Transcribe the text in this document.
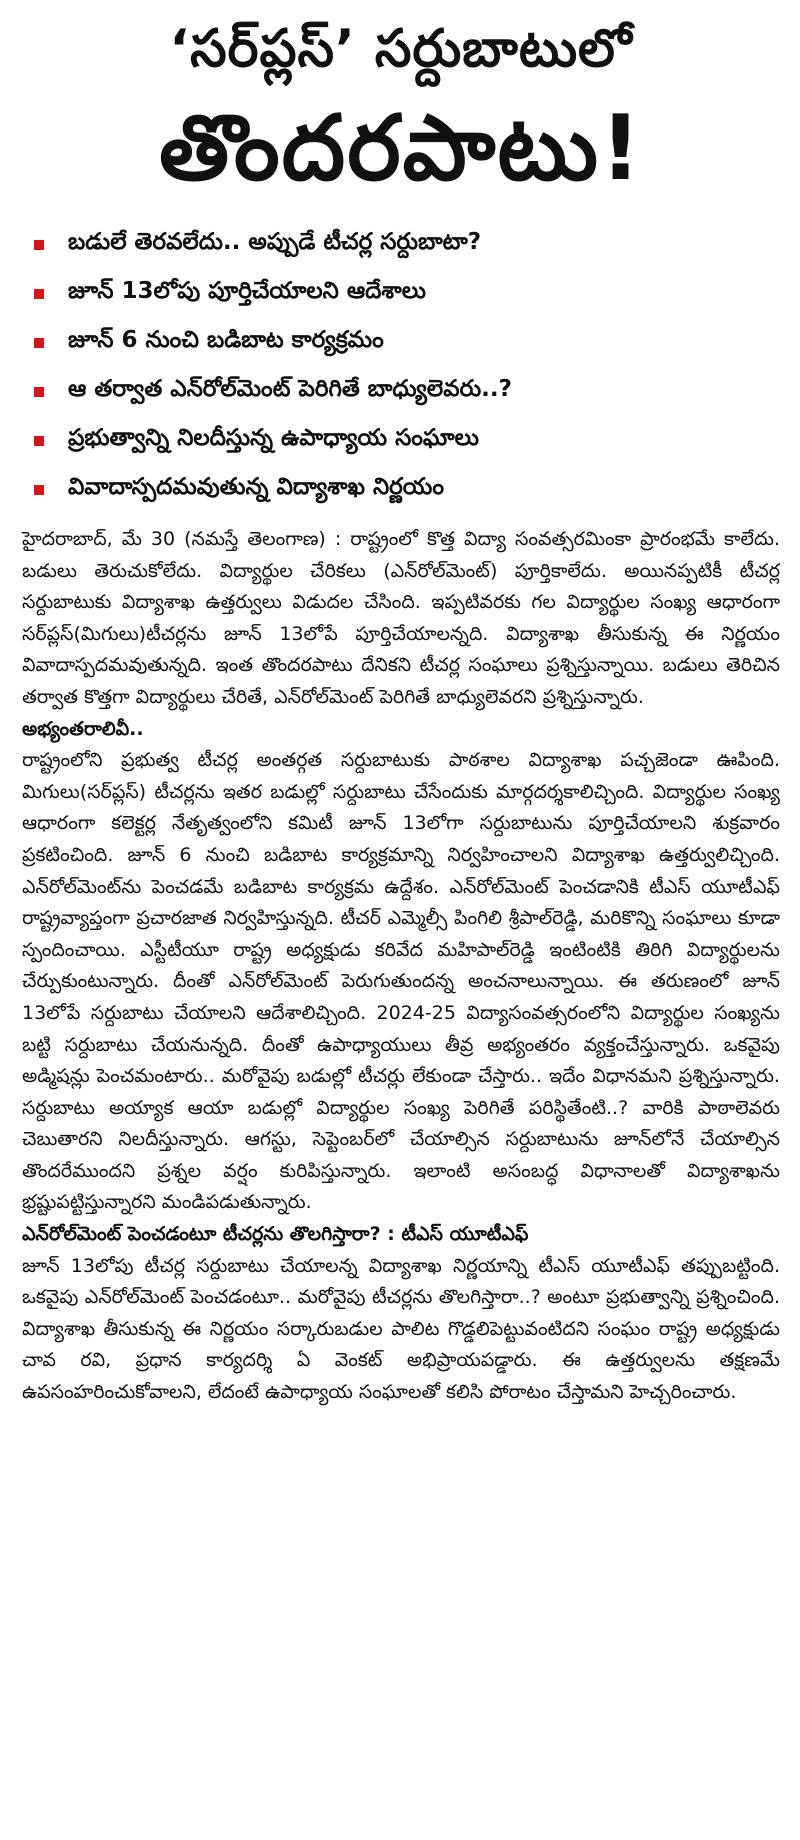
‘సర్‌ప్లస్’ సర్దుబాటులో
తొందరపాటు!
బడులే తెరవలేదు.. అప్పుడే టీచర్ల సర్దుబాటా?
జూన్ 13లోపు పూర్తిచేయాలని ఆదేశాలు
జూన్ 6 నుంచి బడిబాట కార్యక్రమం
ఆ తర్వాత ఎన్‌రోల్‌మెంట్ పెరిగితే బాధ్యులెవరు..?
ప్రభుత్వాన్ని నిలదీస్తున్న ఉపాధ్యాయ సంఘాలు
వివాదాస్పదమవుతున్న విద్యాశాఖ నిర్ణయం

హైదరాబాద్, మే 30 (నమస్తే తెలంగాణ) : రాష్ట్రంలో కొత్త విద్యా సంవత్సరమింకా ప్రారంభమే కాలేదు. బడులు తెరుచుకోలేదు. విద్యార్థుల చేరికలు (ఎన్‌రోల్‌మెంట్) పూర్తికాలేదు. అయినప్పటికీ టీచర్ల సర్దుబాటుకు విద్యాశాఖ ఉత్తర్వులు విడుదల చేసింది. ఇప్పటివరకు గల విద్యార్థుల సంఖ్య ఆధారంగా సర్‌ప్లస్(మిగులు)టీచర్లను జూన్ 13లోపే పూర్తిచేయాలన్నది. విద్యాశాఖ తీసుకున్న ఈ నిర్ణయం వివాదాస్పదమవుతున్నది. ఇంత తొందరపాటు దేనికని టీచర్ల సంఘాలు ప్రశ్నిస్తున్నాయి. బడులు తెరిచిన తర్వాత కొత్తగా విద్యార్థులు చేరితే, ఎన్‌రోల్‌మెంట్ పెరిగితే బాధ్యులెవరని ప్రశ్నిస్తున్నారు.

అభ్యంతరాలివీ..

రాష్ట్రంలోని ప్రభుత్వ టీచర్ల అంతర్గత సర్దుబాటుకు పాఠశాల విద్యాశాఖ పచ్చజెండా ఊపింది. మిగులు(సర్‌ప్లస్) టీచర్లను ఇతర బడుల్లో సర్దుబాటు చేసేందుకు మార్గదర్శకాలిచ్చింది. విద్యార్థుల సంఖ్య ఆధారంగా కలెక్టర్ల నేతృత్వంలోని కమిటీ జూన్ 13లోగా సర్దుబాటును పూర్తిచేయాలని శుక్రవారం ప్రకటించింది. జూన్ 6 నుంచి బడిబాట కార్యక్రమాన్ని నిర్వహించాలని విద్యాశాఖ ఉత్తర్వులిచ్చింది. ఎన్‌రోల్‌మెంట్‌ను పెంచడమే బడిబాట కార్యక్రమ ఉద్దేశం. ఎన్‌రోల్‌మెంట్ పెంచడానికి టీఎస్ యూటీఎఫ్ రాష్ట్రవ్యాప్తంగా ప్రచారజాత నిర్వహిస్తున్నది. టీచర్ ఎమ్మెల్సీ పింగిలి శ్రీపాల్‌రెడ్డి, మరికొన్ని సంఘాలు కూడా స్పందించాయి. ఎస్టీటీయూ రాష్ట్ర అధ్యక్షుడు కరివేద మహిపాల్‌రెడ్డి ఇంటింటికి తిరిగి విద్యార్థులను చేర్పుకుంటున్నారు. దీంతో ఎన్‌రోల్‌మెంట్ పెరుగుతుందన్న అంచనాలున్నాయి. ఈ తరుణంలో జూన్ 13లోపే సర్దుబాటు చేయాలని ఆదేశాలిచ్చింది. 2024-25 విద్యాసంవత్సరంలోని విద్యార్థుల సంఖ్యను బట్టి సర్దుబాటు చేయనున్నది. దీంతో ఉపాధ్యాయులు తీవ్ర అభ్యంతరం వ్యక్తంచేస్తున్నారు. ఒకవైపు అడ్మిషన్లు పెంచమంటారు.. మరోవైపు బడుల్లో టీచర్లు లేకుండా చేస్తారు.. ఇదేం విధానమని ప్రశ్నిస్తున్నారు. సర్దుబాటు అయ్యాక ఆయా బడుల్లో విద్యార్థుల సంఖ్య పెరిగితే పరిస్థితేంటి..? వారికి పాఠాలెవరు చెబుతారని నిలదీస్తున్నారు. ఆగస్టు, సెప్టెంబర్‌లో చేయాల్సిన సర్దుబాటును జూన్‌లోనే చేయాల్సిన తొందరేముందని ప్రశ్నల వర్షం కురిపిస్తున్నారు. ఇలాంటి అసంబద్ధ విధానాలతో విద్యాశాఖను భ్రష్టుపట్టిస్తున్నారని మండిపడుతున్నారు.

ఎన్‌రోల్‌మెంట్ పెంచడంటూ టీచర్లను తొలగిస్తారా? : టీఎస్ యూటీఎఫ్

జూన్ 13లోపు టీచర్ల సర్దుబాటు చేయాలన్న విద్యాశాఖ నిర్ణయాన్ని టీఎస్ యూటీఎఫ్ తప్పుబట్టింది. ఒకవైపు ఎన్‌రోల్‌మెంట్ పెంచడంటూ.. మరోవైపు టీచర్లను తొలగిస్తారా..? అంటూ ప్రభుత్వాన్ని ప్రశ్నించింది. విద్యాశాఖ తీసుకున్న ఈ నిర్ణయం సర్కారుబడుల పాలిట గొడ్డలిపెట్టువంటిదని సంఘం రాష్ట్ర అధ్యక్షుడు చావ రవి, ప్రధాన కార్యదర్శి ఏ వెంకట్ అభిప్రాయపడ్డారు. ఈ ఉత్తర్వులను తక్షణమే ఉపసంహరించుకోవాలని, లేదంటే ఉపాధ్యాయ సంఘాలతో కలిసి పోరాటం చేస్తామని హెచ్చరించారు.
